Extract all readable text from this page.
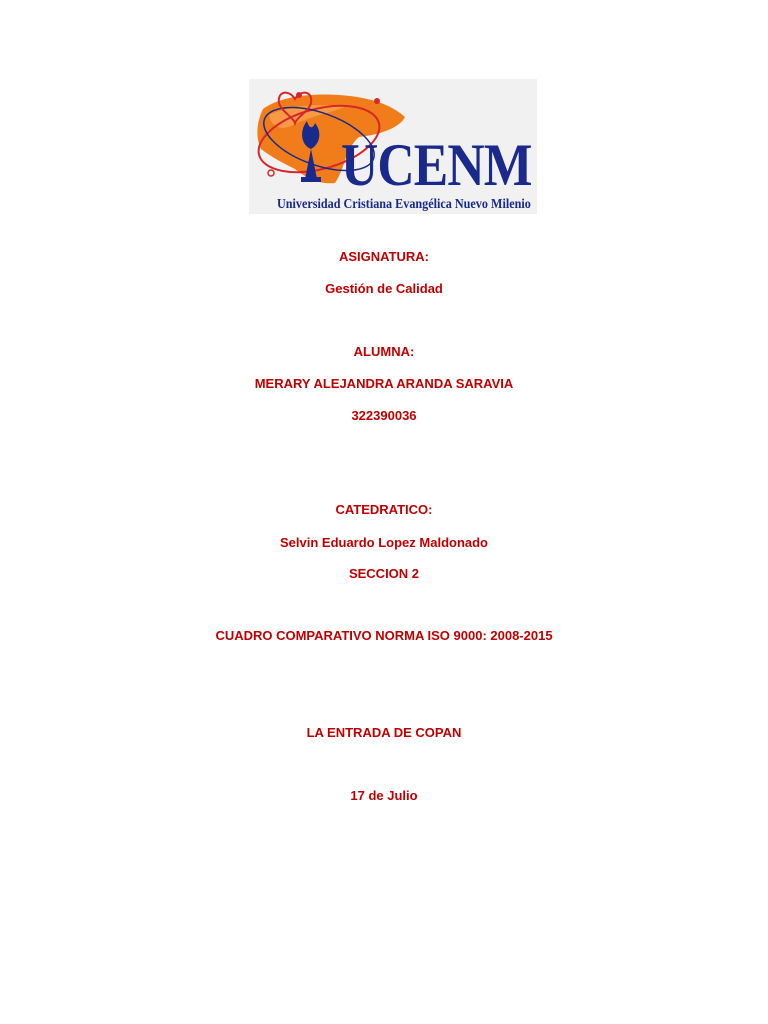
UCENM
Universidad Cristiana Evangélica Nuevo Milenio
ASIGNATURA:
Gestión de Calidad
ALUMNA:
MERARY ALEJANDRA ARANDA SARAVIA
322390036
CATEDRATICO:
Selvin Eduardo Lopez Maldonado
SECCION 2
CUADRO COMPARATIVO NORMA ISO 9000: 2008-2015
LA ENTRADA DE COPAN
17 de Julio
